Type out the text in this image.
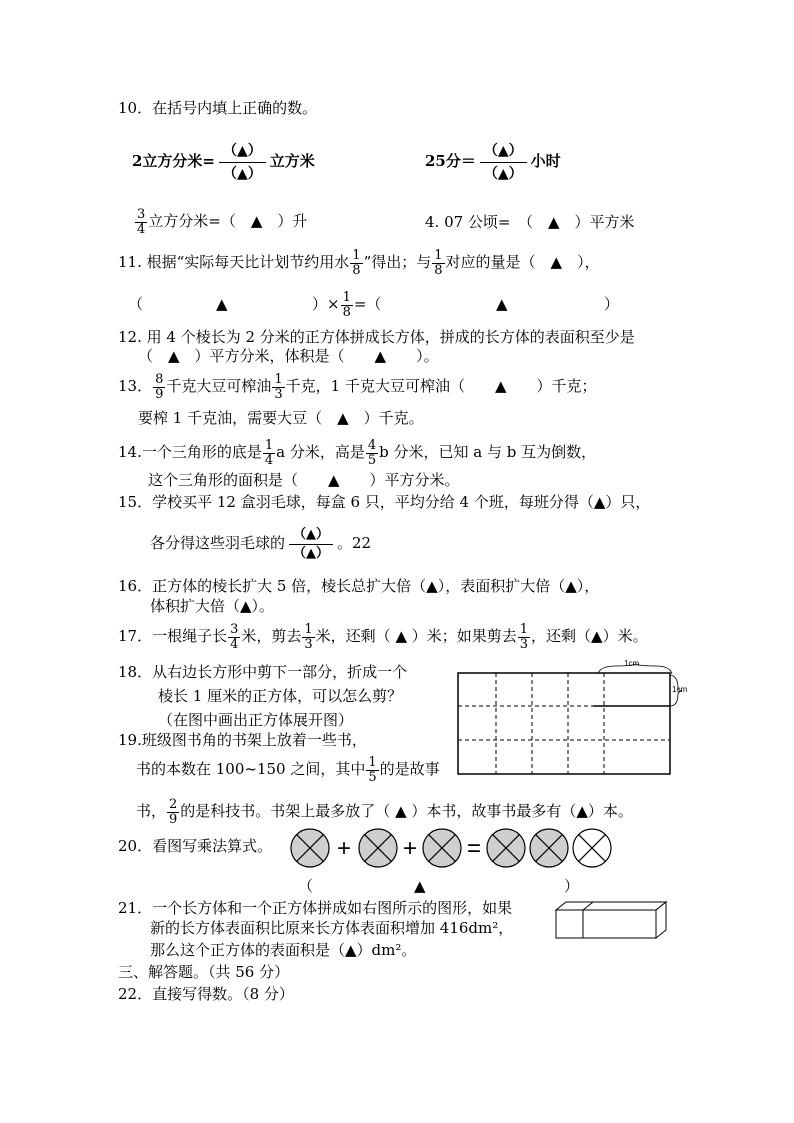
10．在括号内填上正确的数。
2立方分米=
（▲）
（▲）
立方米	25分＝
（▲）
（▲）
小时
$\frac{3}{4}$ 立方分米=（　▲　）升	4. 07 公顷=　（　▲　）平方米
11. 根据“实际每天比计划节约用水 $\frac{1}{8}$ ”得出；与 $\frac{1}{8}$ 对应的量是（　▲　），
（	▲	）× $\frac{1}{8}$ =（	▲	）
12. 用 4 个棱长为 2 分米的正方体拼成长方体，拼成的长方体的表面积至少是
（　▲　）平方分米，体积是（　　▲　　）。
13． $\frac{8}{9}$ 千克大豆可榨油 $\frac{1}{3}$ 千克，1 千克大豆可榨油（　　▲　　）千克；
要榨 1 千克油，需要大豆（　▲　）千克。
14.一个三角形的底是 $\frac{1}{4}$ a 分米，高是 $\frac{4}{5}$ b 分米，已知 a 与 b 互为倒数，
这个三角形的面积是（　　▲　　）平方分米。
15．学校买平 12 盒羽毛球，每盒 6 只，平均分给 4 个班，每班分得（▲）只，
各分得这些羽毛球的 （▲）
（▲）
。22
16．正方体的棱长扩大 5 倍，棱长总扩大倍（▲），表面积扩大倍（▲），
体积扩大倍（▲）。
17．一根绳子长 $\frac{3}{4}$ 米，剪去 $\frac{1}{3}$ 米，还剩（ ▲ ）米；如果剪去 $\frac{1}{3}$ ，还剩（▲）米。
18．从右边长方形中剪下一部分，折成一个
棱长 1 厘米的正方体，可以怎么剪？
（在图中画出正方体展开图）
1cm
1cm
19.班级图书角的书架上放着一些书，
书的本数在 100~150 之间，其中 $\frac{1}{5}$ 的是故事
书， $\frac{2}{9}$ 的是科技书。书架上最多放了（ ▲ ）本书，故事书最多有（▲）本。
20．看图写乘法算式。	+ + =
（	▲	）
21．一个长方体和一个正方体拼成如右图所示的图形，如果
新的长方体表面积比原来长方体表面积增加 416dm²，
那么这个正方体的表面积是（▲）dm²。
三、解答题。（共 56 分）
22．直接写得数。（8 分）
